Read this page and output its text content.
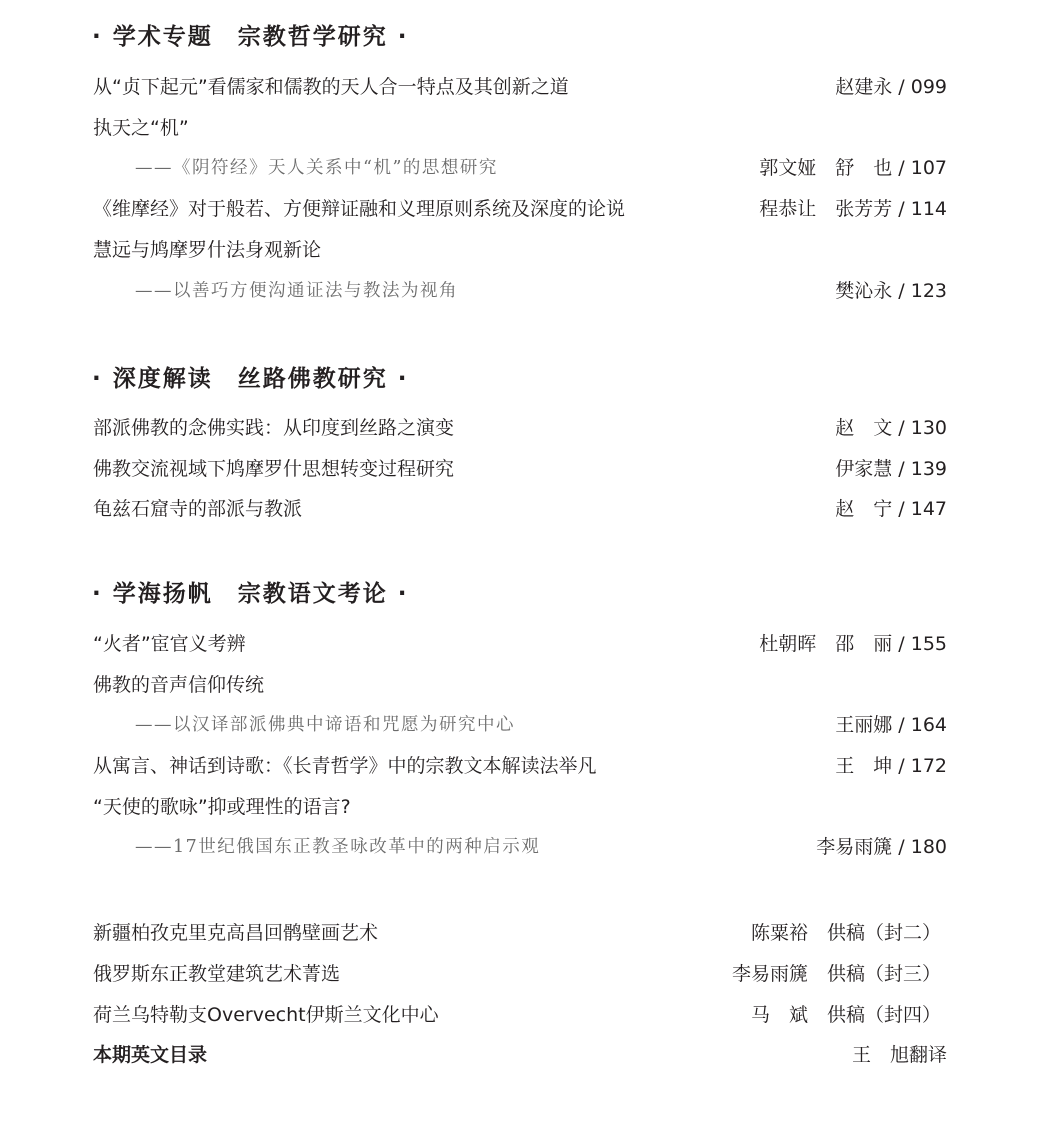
· 学术专题　宗教哲学研究 ·
从“贞下起元”看儒家和儒教的天人合一特点及其创新之道	赵建永 / 099
执天之“机”
——《阴符经》天人关系中“机”的思想研究	郭文娅　舒　也 / 107
《维摩经》对于般若、方便辩证融和义理原则系统及深度的论说	程恭让　张芳芳 / 114
慧远与鸠摩罗什法身观新论
——以善巧方便沟通证法与教法为视角	樊沁永 / 123
· 深度解读　丝路佛教研究 ·
部派佛教的念佛实践：从印度到丝路之演变	赵　文 / 130
佛教交流视域下鸠摩罗什思想转变过程研究	伊家慧 / 139
龟兹石窟寺的部派与教派	赵　宁 / 147
· 学海扬帆　宗教语文考论 ·
“火者”宦官义考辨	杜朝晖　邵　丽 / 155
佛教的音声信仰传统
——以汉译部派佛典中谛语和咒愿为研究中心	王丽娜 / 164
从寓言、神话到诗歌：《长青哲学》中的宗教文本解读法举凡	王　坤 / 172
“天使的歌咏”抑或理性的语言?
——17世纪俄国东正教圣咏改革中的两种启示观	李易雨篪 / 180
新疆柏孜克里克高昌回鹘壁画艺术	陈粟裕　供稿（封二）
俄罗斯东正教堂建筑艺术菁选	李易雨篪　供稿（封三）
荷兰乌特勒支Overvecht伊斯兰文化中心	马　斌　供稿（封四）
本期英文目录	王　旭翻译
